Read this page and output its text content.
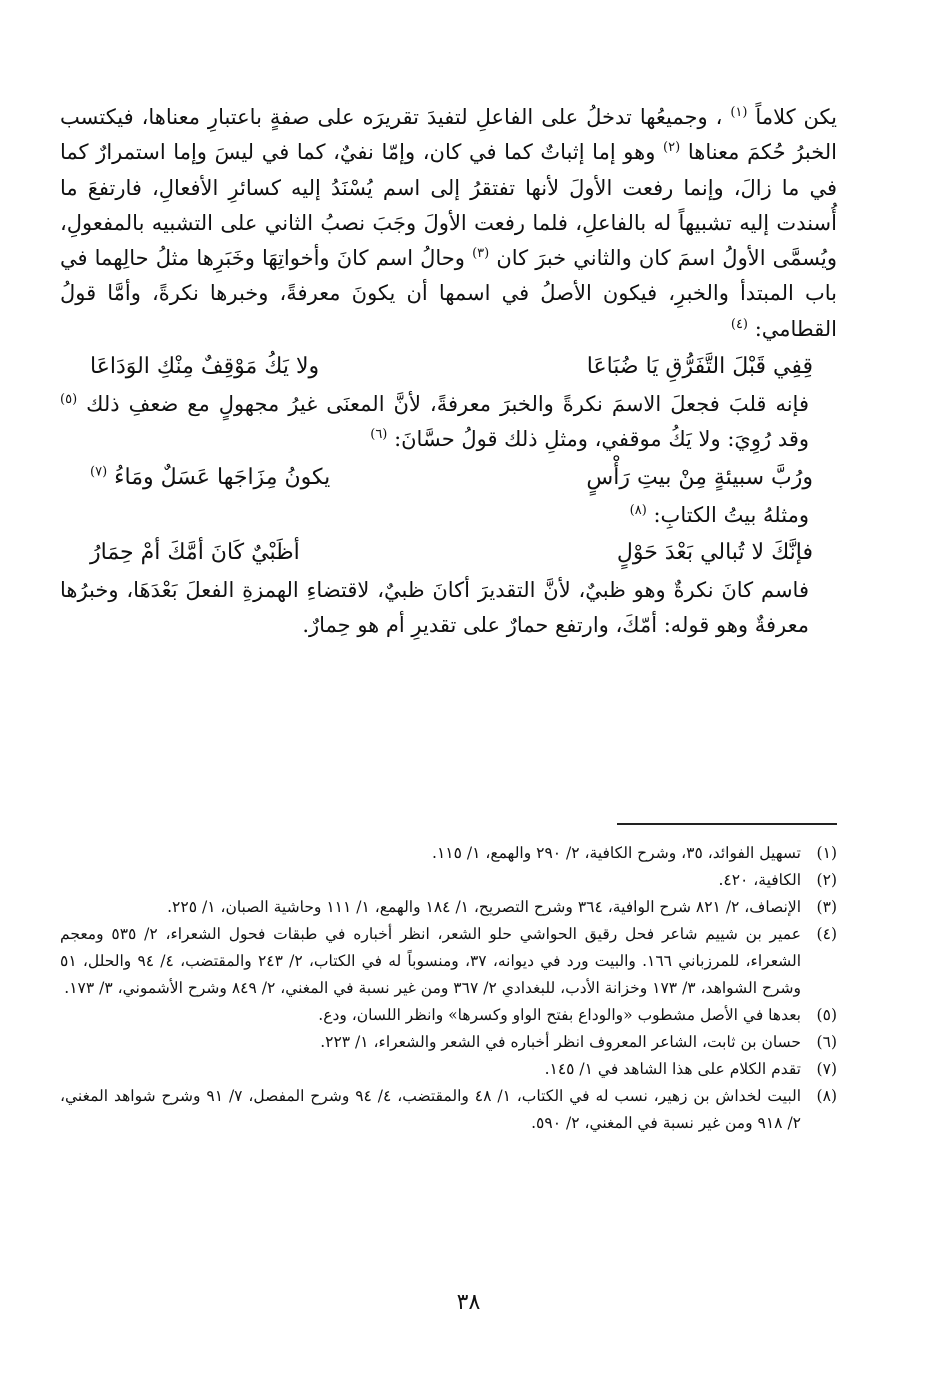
يكن كلاماً $^{(١)}$ ، وجميعُها تدخلُ على الفاعلِ لتفيدَ تقريرَه على صفةٍ باعتبارِ معناها، فيكتسب الخبرُ حُكمَ معناها $^{(٢)}$ وهو إما إثباتٌ كما في كان، وإمّا نفيٌ، كما في ليسَ وإما استمرارٌ كما في ما زالَ، وإنما رفعت الأولَ لأنها تفتقرُ إلى اسم يُسْنَدُ إليه كسائرِ الأفعالِ، فارتفعَ ما أُسندت إليه تشبيهاً له بالفاعلِ، فلما رفعت الأولَ وجَبَ نصبُ الثاني على التشبيه بالمفعولِ، ويُسمَّى الأولُ اسمَ كان والثاني خبرَ كان $^{(٣)}$ وحالُ اسم كانَ وأخواتِهَا وخَبَرِها مثلُ حالِهما في باب المبتدأ والخبرِ، فيكون الأصلُ في اسمها أن يكونَ معرفةً، وخبرها نكرةً، وأمَّا قولُ القطامي: $^{(٤)}$

قِفِي قَبْلَ التَّفَرُّقِ يَا ضُبَاعَا
ولا يَكُ مَوْقِفٌ مِنْكِ الوَدَاعَا

فإنه قلبَ فجعلَ الاسمَ نكرةً والخبرَ معرفةً، لأنَّ المعنَى غيرُ مجهولٍ مع ضعفِ ذلك $^{(٥)}$ وقد رُوِيَ: ولا يَكُ موقفي، ومثلِ ذلك قولُ حسَّانَ: $^{(٦)}$

ورُبَّ سبيئةٍ مِنْ بيتِ رَأْسٍ
يكونُ مِزَاجَها عَسَلٌ ومَاءُ $^{(٧)}$

ومثلهُ بيتُ الكتابِ: $^{(٨)}$

فإنَّكَ لا تُبالي بَعْدَ حَوْلٍ
أظَبْيٌ كَانَ أمَّكَ أمْ حِمَارُ

فاسم كانَ نكرةٌ وهو ظبيٌ، لأنَّ التقديرَ أكانَ ظبيٌ، لاقتضاءِ الهمزةِ الفعلَ بَعْدَهَا، وخبرُها معرفةٌ وهو قوله: أمّكَ، وارتفع حمارٌ على تقديرِ أم هو حِمارٌ.

(١)
تسهيل الفوائد، ٣٥، وشرح الكافية، ٢/ ٢٩٠ والهمع، ١/ ١١٥.

(٢)
الكافية، ٤٢٠.

(٣)
الإنصاف، ٢/ ٨٢١ شرح الوافية، ٣٦٤ وشرح التصريح، ١/ ١٨٤ والهمع، ١/ ١١١ وحاشية الصبان، ١/ ٢٢٥.

(٤)
عمير بن شييم شاعر فحل رقيق الحواشي حلو الشعر، انظر أخباره في طبقات فحول الشعراء، ٢/ ٥٣٥ ومعجم الشعراء، للمرزباني ١٦٦. والبيت ورد في ديوانه، ٣٧، ومنسوباً له في الكتاب، ٢/ ٢٤٣ والمقتضب، ٤/ ٩٤ والحلل، ٥١ وشرح الشواهد، ٣/ ١٧٣ وخزانة الأدب، للبغدادي ٢/ ٣٦٧ ومن غير نسبة في المغني، ٢/ ٨٤٩ وشرح الأشموني، ٣/ ١٧٣.

(٥)
بعدها في الأصل مشطوب «والوداع بفتح الواو وكسرها» وانظر اللسان، ودع.

(٦)
حسان بن ثابت، الشاعر المعروف انظر أخباره في الشعر والشعراء، ١/ ٢٢٣.

(٧)
تقدم الكلام على هذا الشاهد في ١/ ١٤٥.

(٨)
البيت لخداش بن زهير، نسب له في الكتاب، ١/ ٤٨ والمقتضب، ٤/ ٩٤ وشرح المفصل، ٧/ ٩١ وشرح شواهد المغني، ٢/ ٩١٨ ومن غير نسبة في المغني، ٢/ ٥٩٠.

٣٨
